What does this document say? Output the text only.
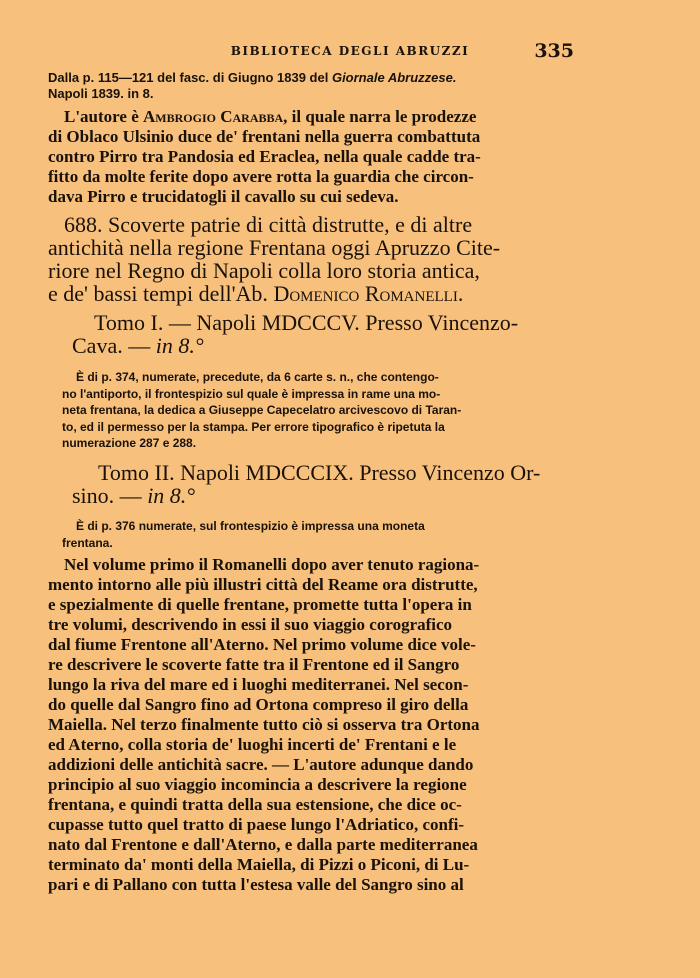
BIBLIOTECA DEGLI ABRUZZI	335
Dalla p. 115—121 del fasc. di Giugno 1839 del Giornale Abruzzese.
Napoli 1839. in 8.
L'autore è Ambrogio Carabba, il quale narra le prodezze
di Oblaco Ulsinio duce de' frentani nella guerra combattuta
contro Pirro tra Pandosia ed Eraclea, nella quale cadde tra-
fitto da molte ferite dopo avere rotta la guardia che circon-
dava Pirro e trucidatogli il cavallo su cui sedeva.
688. Scoverte patrie di città distrutte, e di altre
antichità nella regione Frentana oggi Apruzzo Cite-
riore nel Regno di Napoli colla loro storia antica,
e de' bassi tempi dell'Ab. Domenico Romanelli.
Tomo I. — Napoli MDCCCV. Presso Vincenzo-
Cava. — in 8.°
È di p. 374, numerate, precedute, da 6 carte s. n., che contengo-
no l'antiporto, il frontespizio sul quale è impressa in rame una mo-
neta frentana, la dedica a Giuseppe Capecelatro arcivescovo di Taran-
to, ed il permesso per la stampa. Per errore tipografico è ripetuta la
numerazione 287 e 288.
Tomo II. Napoli MDCCCIX. Presso Vincenzo Or-
sino. — in 8.°
È di p. 376 numerate, sul frontespizio è impressa una moneta
frentana.
Nel volume primo il Romanelli dopo aver tenuto ragiona-
mento intorno alle più illustri città del Reame ora distrutte,
e spezialmente di quelle frentane, promette tutta l'opera in
tre volumi, descrivendo in essi il suo viaggio corografico
dal fiume Frentone all'Aterno. Nel primo volume dice vole-
re descrivere le scoverte fatte tra il Frentone ed il Sangro
lungo la riva del mare ed i luoghi mediterranei. Nel secon-
do quelle dal Sangro fino ad Ortona compreso il giro della
Maiella. Nel terzo finalmente tutto ciò si osserva tra Ortona
ed Aterno, colla storia de' luoghi incerti de' Frentani e le
addizioni delle antichità sacre. — L'autore adunque dando
principio al suo viaggio incomincia a descrivere la regione
frentana, e quindi tratta della sua estensione, che dice oc-
cupasse tutto quel tratto di paese lungo l'Adriatico, confi-
nato dal Frentone e dall'Aterno, e dalla parte mediterranea
terminato da' monti della Maiella, di Pizzi o Piconi, di Lu-
pari e di Pallano con tutta l'estesa valle del Sangro sino al
